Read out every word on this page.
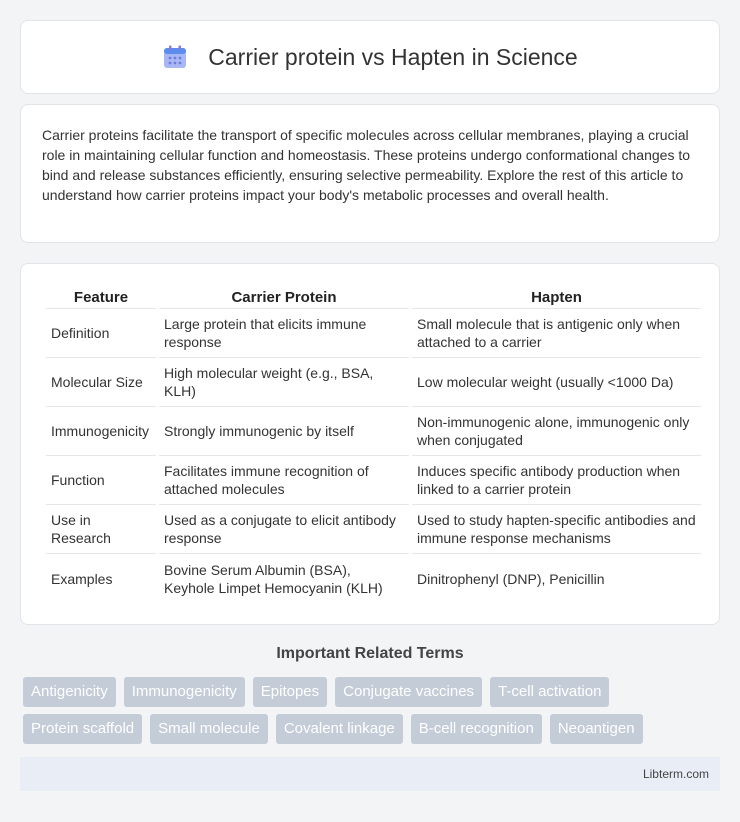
Carrier protein vs Hapten in Science

Carrier proteins facilitate the transport of specific molecules across cellular membranes, playing a crucial role in maintaining cellular function and homeostasis. These proteins undergo conformational changes to bind and release substances efficiently, ensuring selective permeability. Explore the rest of this article to understand how carrier proteins impact your body's metabolic processes and overall health.

Feature	Carrier Protein	Hapten
Definition	Large protein that elicits immune response	Small molecule that is antigenic only when attached to a carrier
Molecular Size	High molecular weight (e.g., BSA, KLH)	Low molecular weight (usually <1000 Da)
Immunogenicity	Strongly immunogenic by itself	Non-immunogenic alone, immunogenic only when conjugated
Function	Facilitates immune recognition of attached molecules	Induces specific antibody production when linked to a carrier protein
Use in Research	Used as a conjugate to elicit antibody response	Used to study hapten-specific antibodies and immune response mechanisms
Examples	Bovine Serum Albumin (BSA), Keyhole Limpet Hemocyanin (KLH)	Dinitrophenyl (DNP), Penicillin
Important Related Terms
Antigenicity	Immunogenicity	Epitopes	Conjugate vaccines	T-cell activation
Protein scaffold	Small molecule	Covalent linkage	B-cell recognition	Neoantigen
Libterm.com
